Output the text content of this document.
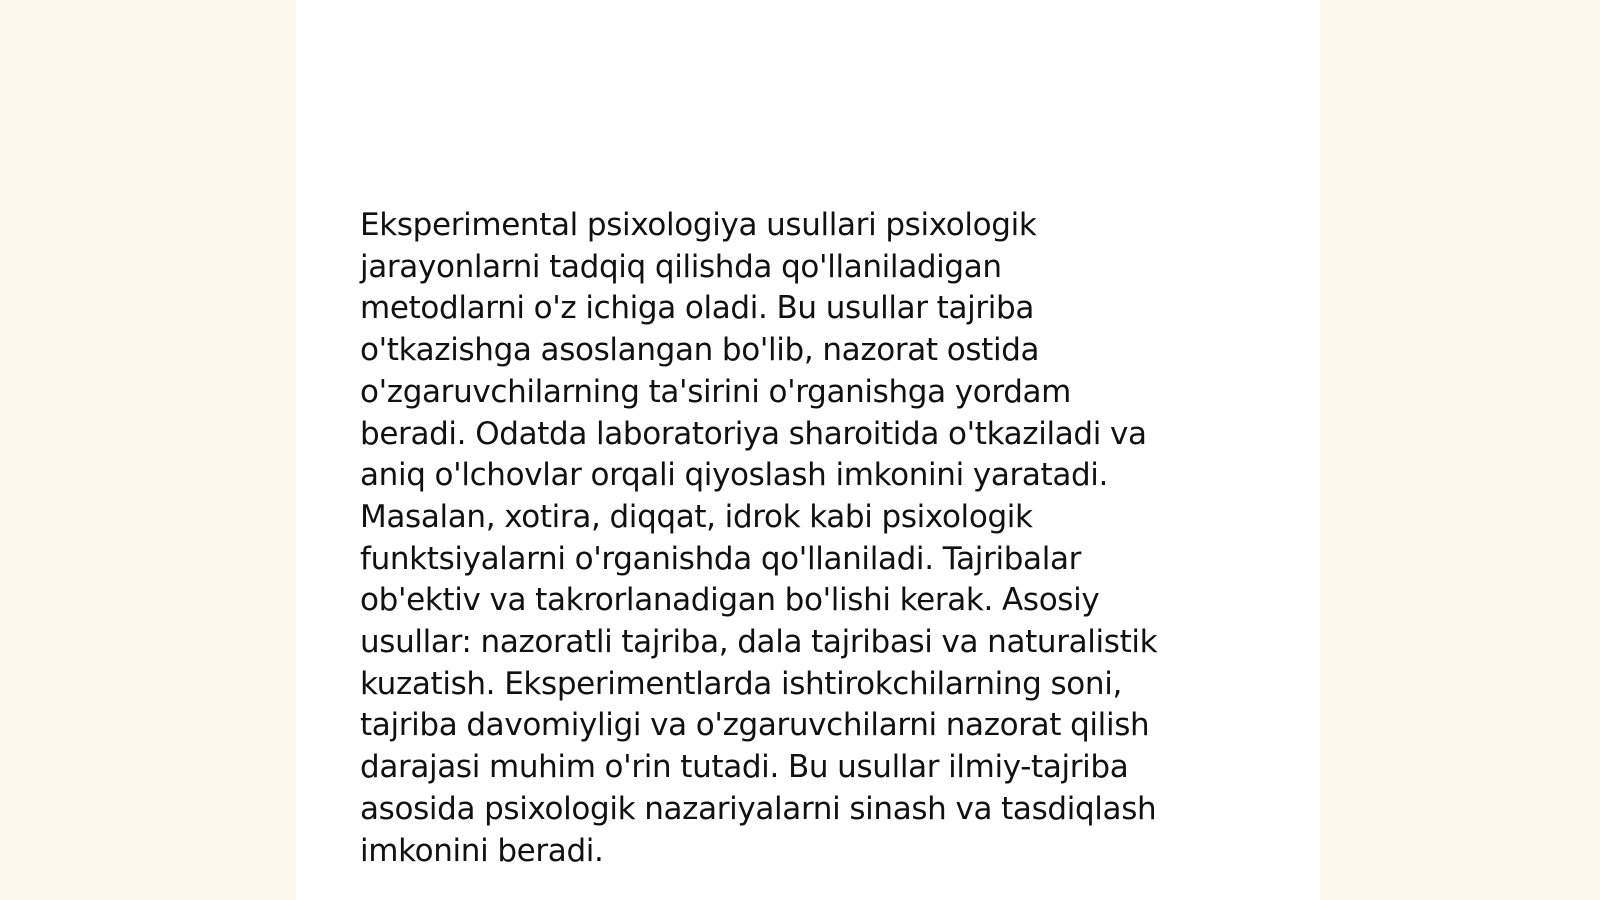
Eksperimental psixologiya usullari psixologik
jarayonlarni tadqiq qilishda qo'llaniladigan
metodlarni o'z ichiga oladi. Bu usullar tajriba
o'tkazishga asoslangan bo'lib, nazorat ostida
o'zgaruvchilarning ta'sirini o'rganishga yordam
beradi. Odatda laboratoriya sharoitida o'tkaziladi va
aniq o'lchovlar orqali qiyoslash imkonini yaratadi.
Masalan, xotira, diqqat, idrok kabi psixologik
funktsiyalarni o'rganishda qo'llaniladi. Tajribalar
ob'ektiv va takrorlanadigan bo'lishi kerak. Asosiy
usullar: nazoratli tajriba, dala tajribasi va naturalistik
kuzatish. Eksperimentlarda ishtirokchilarning soni,
tajriba davomiyligi va o'zgaruvchilarni nazorat qilish
darajasi muhim o'rin tutadi. Bu usullar ilmiy-tajriba
asosida psixologik nazariyalarni sinash va tasdiqlash
imkonini beradi.
